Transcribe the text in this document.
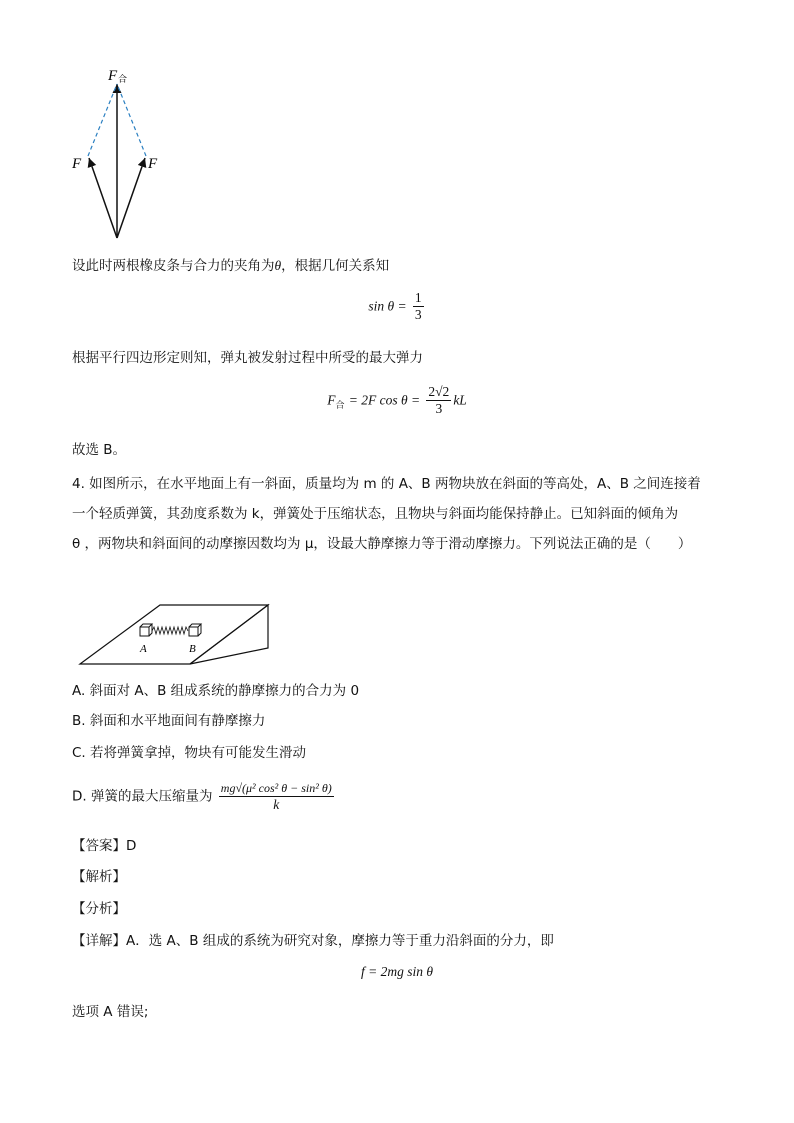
F 合
F	F
设此时两根橡皮条与合力的夹角为θ，根据几何关系知
$\sin \theta = \frac{1}{3}$
根据平行四边形定则知，弹丸被发射过程中所受的最大弹力
$F_合 = 2F$ $\cos \theta = \frac{2√2}{3}$ kL
故选 B。
4. 如图所示，在水平地面上有一斜面，质量均为 m 的 A、B 两物块放在斜面的等高处，A、B 之间连接着
一个轻质弹簧，其劲度系数为 k，弹簧处于压缩状态，且物块与斜面均能保持静止。已知斜面的倾角为
θ ，两物块和斜面间的动摩擦因数均为 μ，设最大静摩擦力等于滑动摩擦力。下列说法正确的是（　　）
A	B
A. 斜面对 A、B 组成系统的静摩擦力的合力为 0
B. 斜面和水平地面间有静摩擦力
C. 若将弹簧拿掉，物块有可能发生滑动
D. 弹簧的最大压缩量为 $\frac{\text{mg√(μ² cos² θ − sin² θ)}}{k}$
【答案】D
【解析】
【分析】
【详解】A．选 A、B 组成的系统为研究对象，摩擦力等于重力沿斜面的分力，即
f = 2mg sin θ
选项 A 错误;
